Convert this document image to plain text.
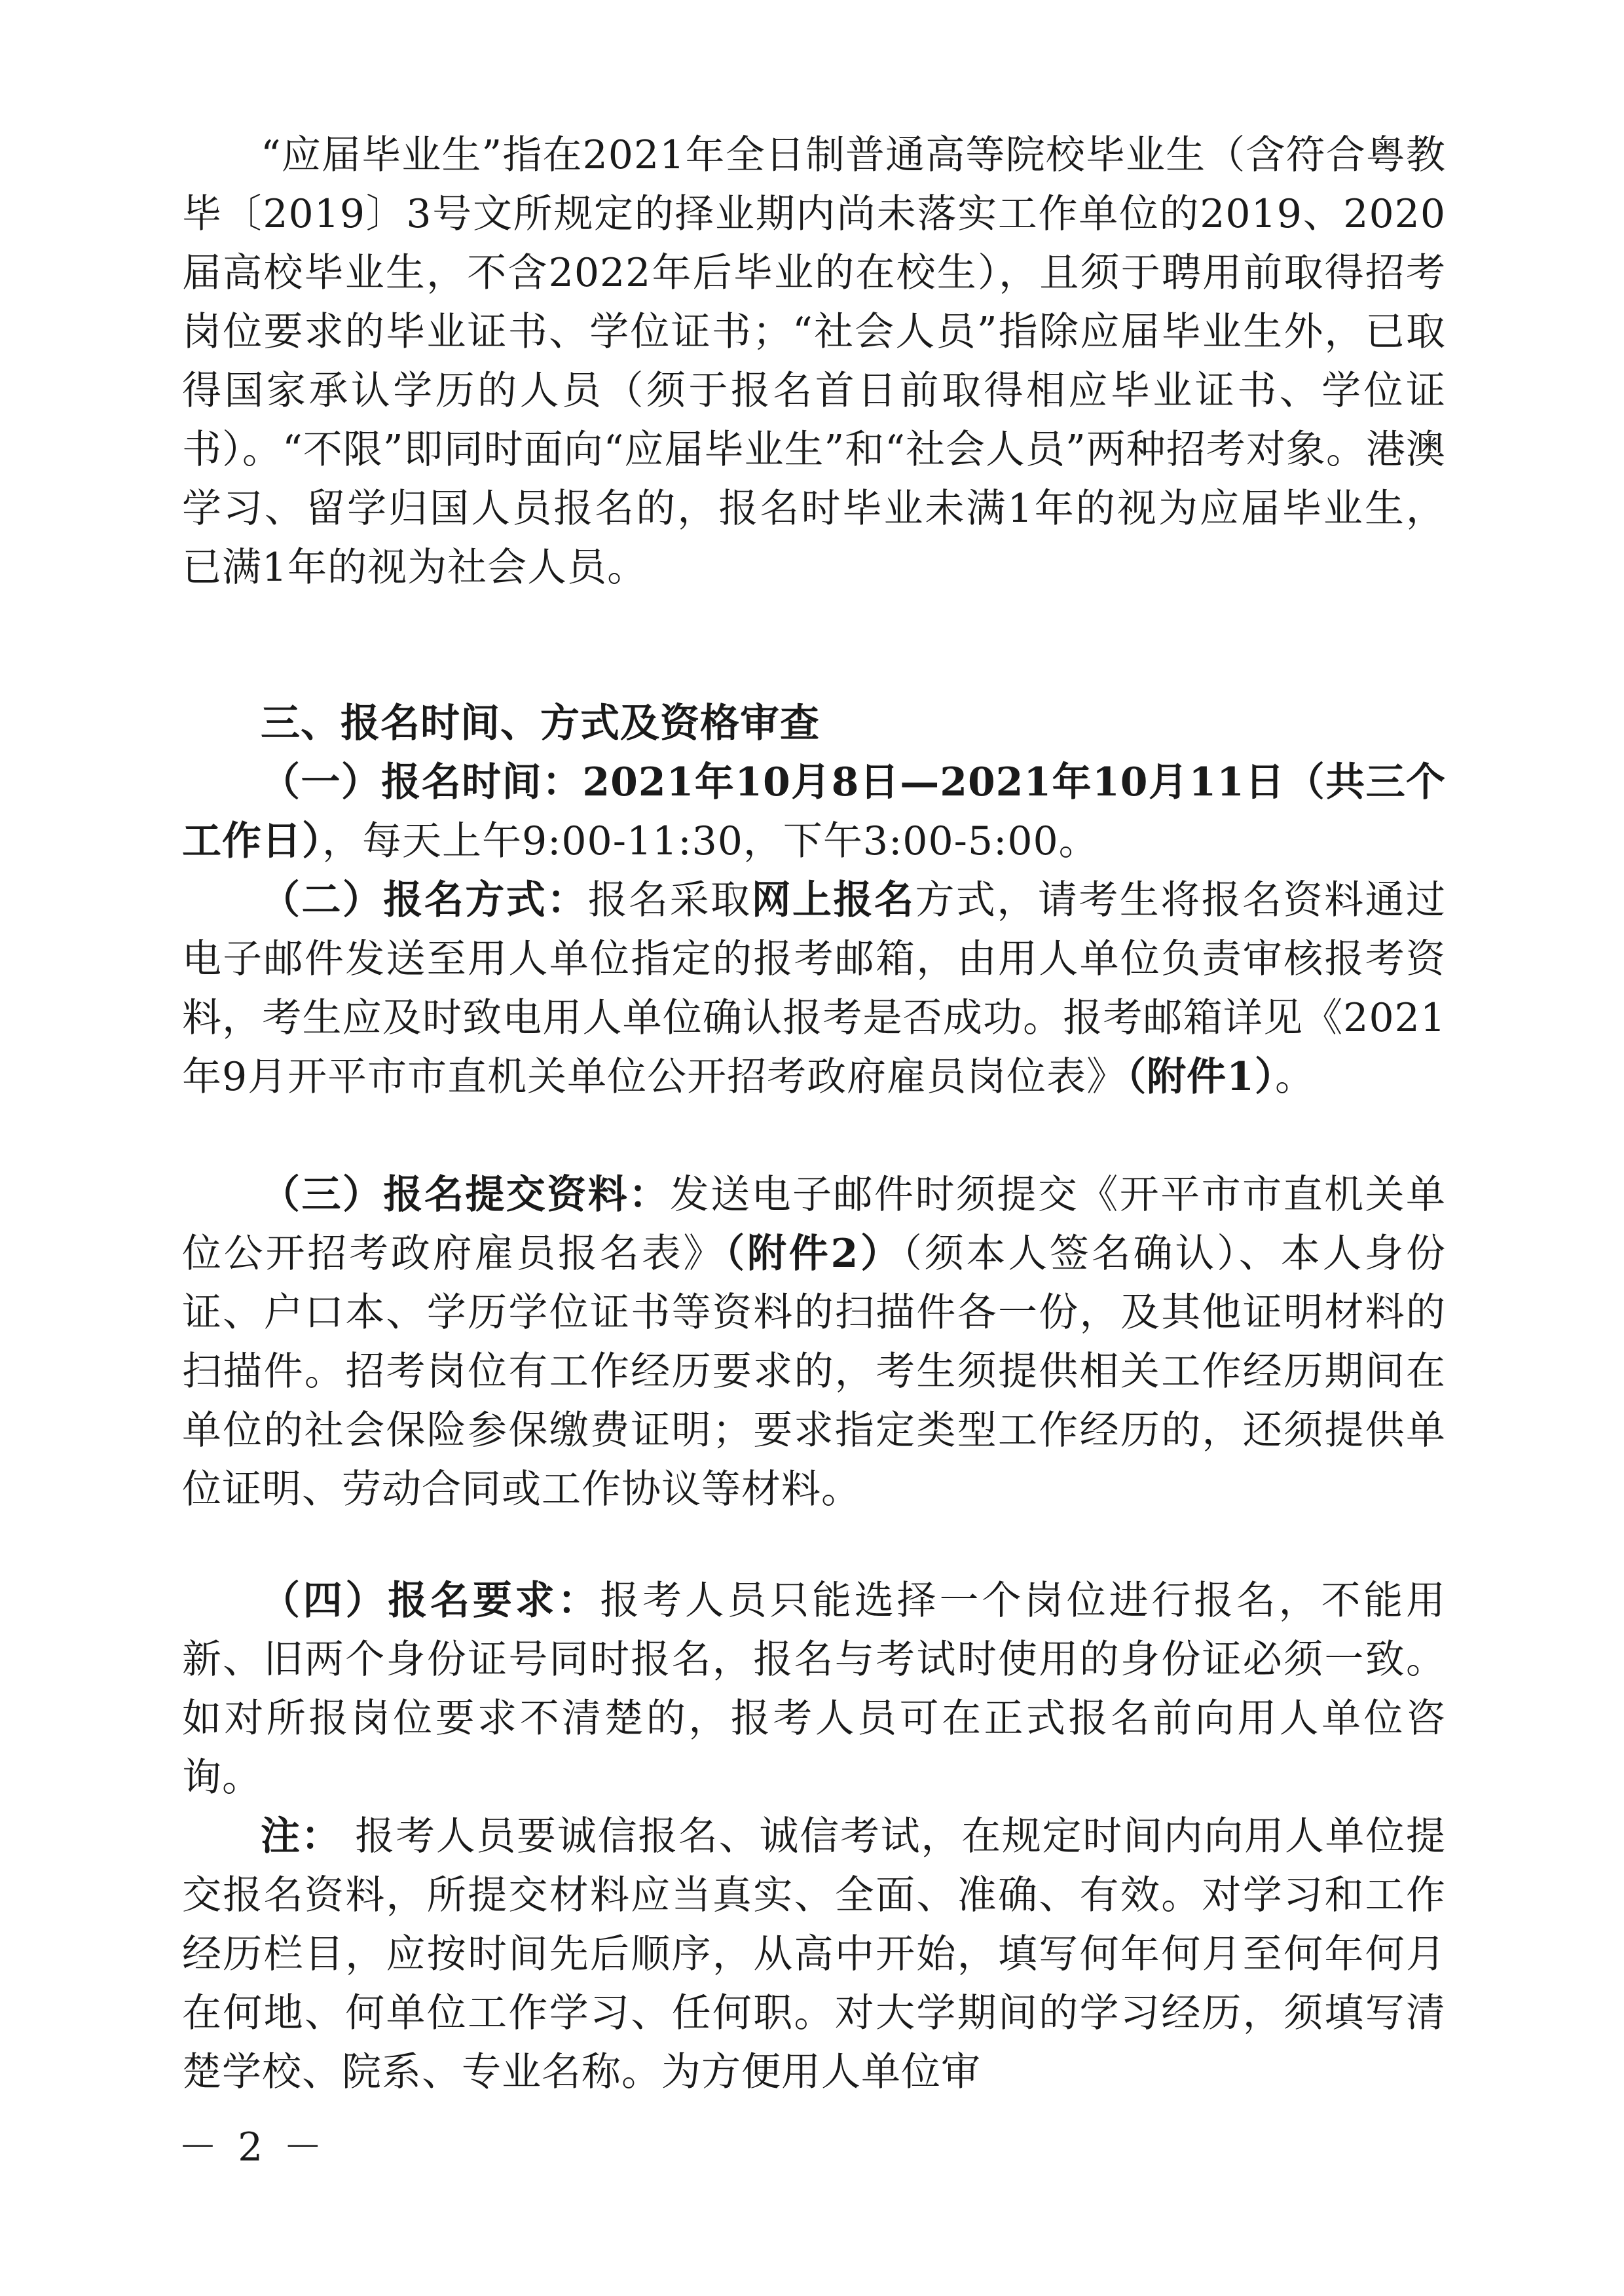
“应届毕业生”指在2021年全日制普通高等院校毕业生（含符合粤教毕〔2019〕3号文所规定的择业期内尚未落实工作单位的2019、2020届高校毕业生，不含2022年后毕业的在校生），且须于聘用前取得招考岗位要求的毕业证书、学位证书；“社会人员”指除应届毕业生外，已取得国家承认学历的人员（须于报名首日前取得相应毕业证书、学位证书）。“不限”即同时面向“应届毕业生”和“社会人员”两种招考对象。港澳学习、留学归国人员报名的，报名时毕业未满1年的视为应届毕业生，已满1年的视为社会人员。

三、报名时间、方式及资格审查

（一）报名时间：2021年10月8日—2021年10月11日（共三个工作日），每天上午9:00-11:30，下午3:00-5:00。

（二）报名方式：报名采取网上报名方式，请考生将报名资料通过电子邮件发送至用人单位指定的报考邮箱，由用人单位负责审核报考资料，考生应及时致电用人单位确认报考是否成功。报考邮箱详见《2021年9月开平市市直机关单位公开招考政府雇员岗位表》（附件1）。

（三）报名提交资料：发送电子邮件时须提交《开平市市直机关单位公开招考政府雇员报名表》（附件2）（须本人签名确认）、本人身份证、户口本、学历学位证书等资料的扫描件各一份，及其他证明材料的扫描件。招考岗位有工作经历要求的，考生须提供相关工作经历期间在单位的社会保险参保缴费证明；要求指定类型工作经历的，还须提供单位证明、劳动合同或工作协议等材料。

（四）报名要求：报考人员只能选择一个岗位进行报名，不能用新、旧两个身份证号同时报名，报名与考试时使用的身份证必须一致。如对所报岗位要求不清楚的，报考人员可在正式报名前向用人单位咨询。

注： 报考人员要诚信报名、诚信考试，在规定时间内向用人单位提交报名资料，所提交材料应当真实、全面、准确、有效。对学习和工作经历栏目，应按时间先后顺序，从高中开始，填写何年何月至何年何月在何地、何单位工作学习、任何职。对大学期间的学习经历，须填写清楚学校、院系、专业名称。为方便用人单位审

－ 2 －
